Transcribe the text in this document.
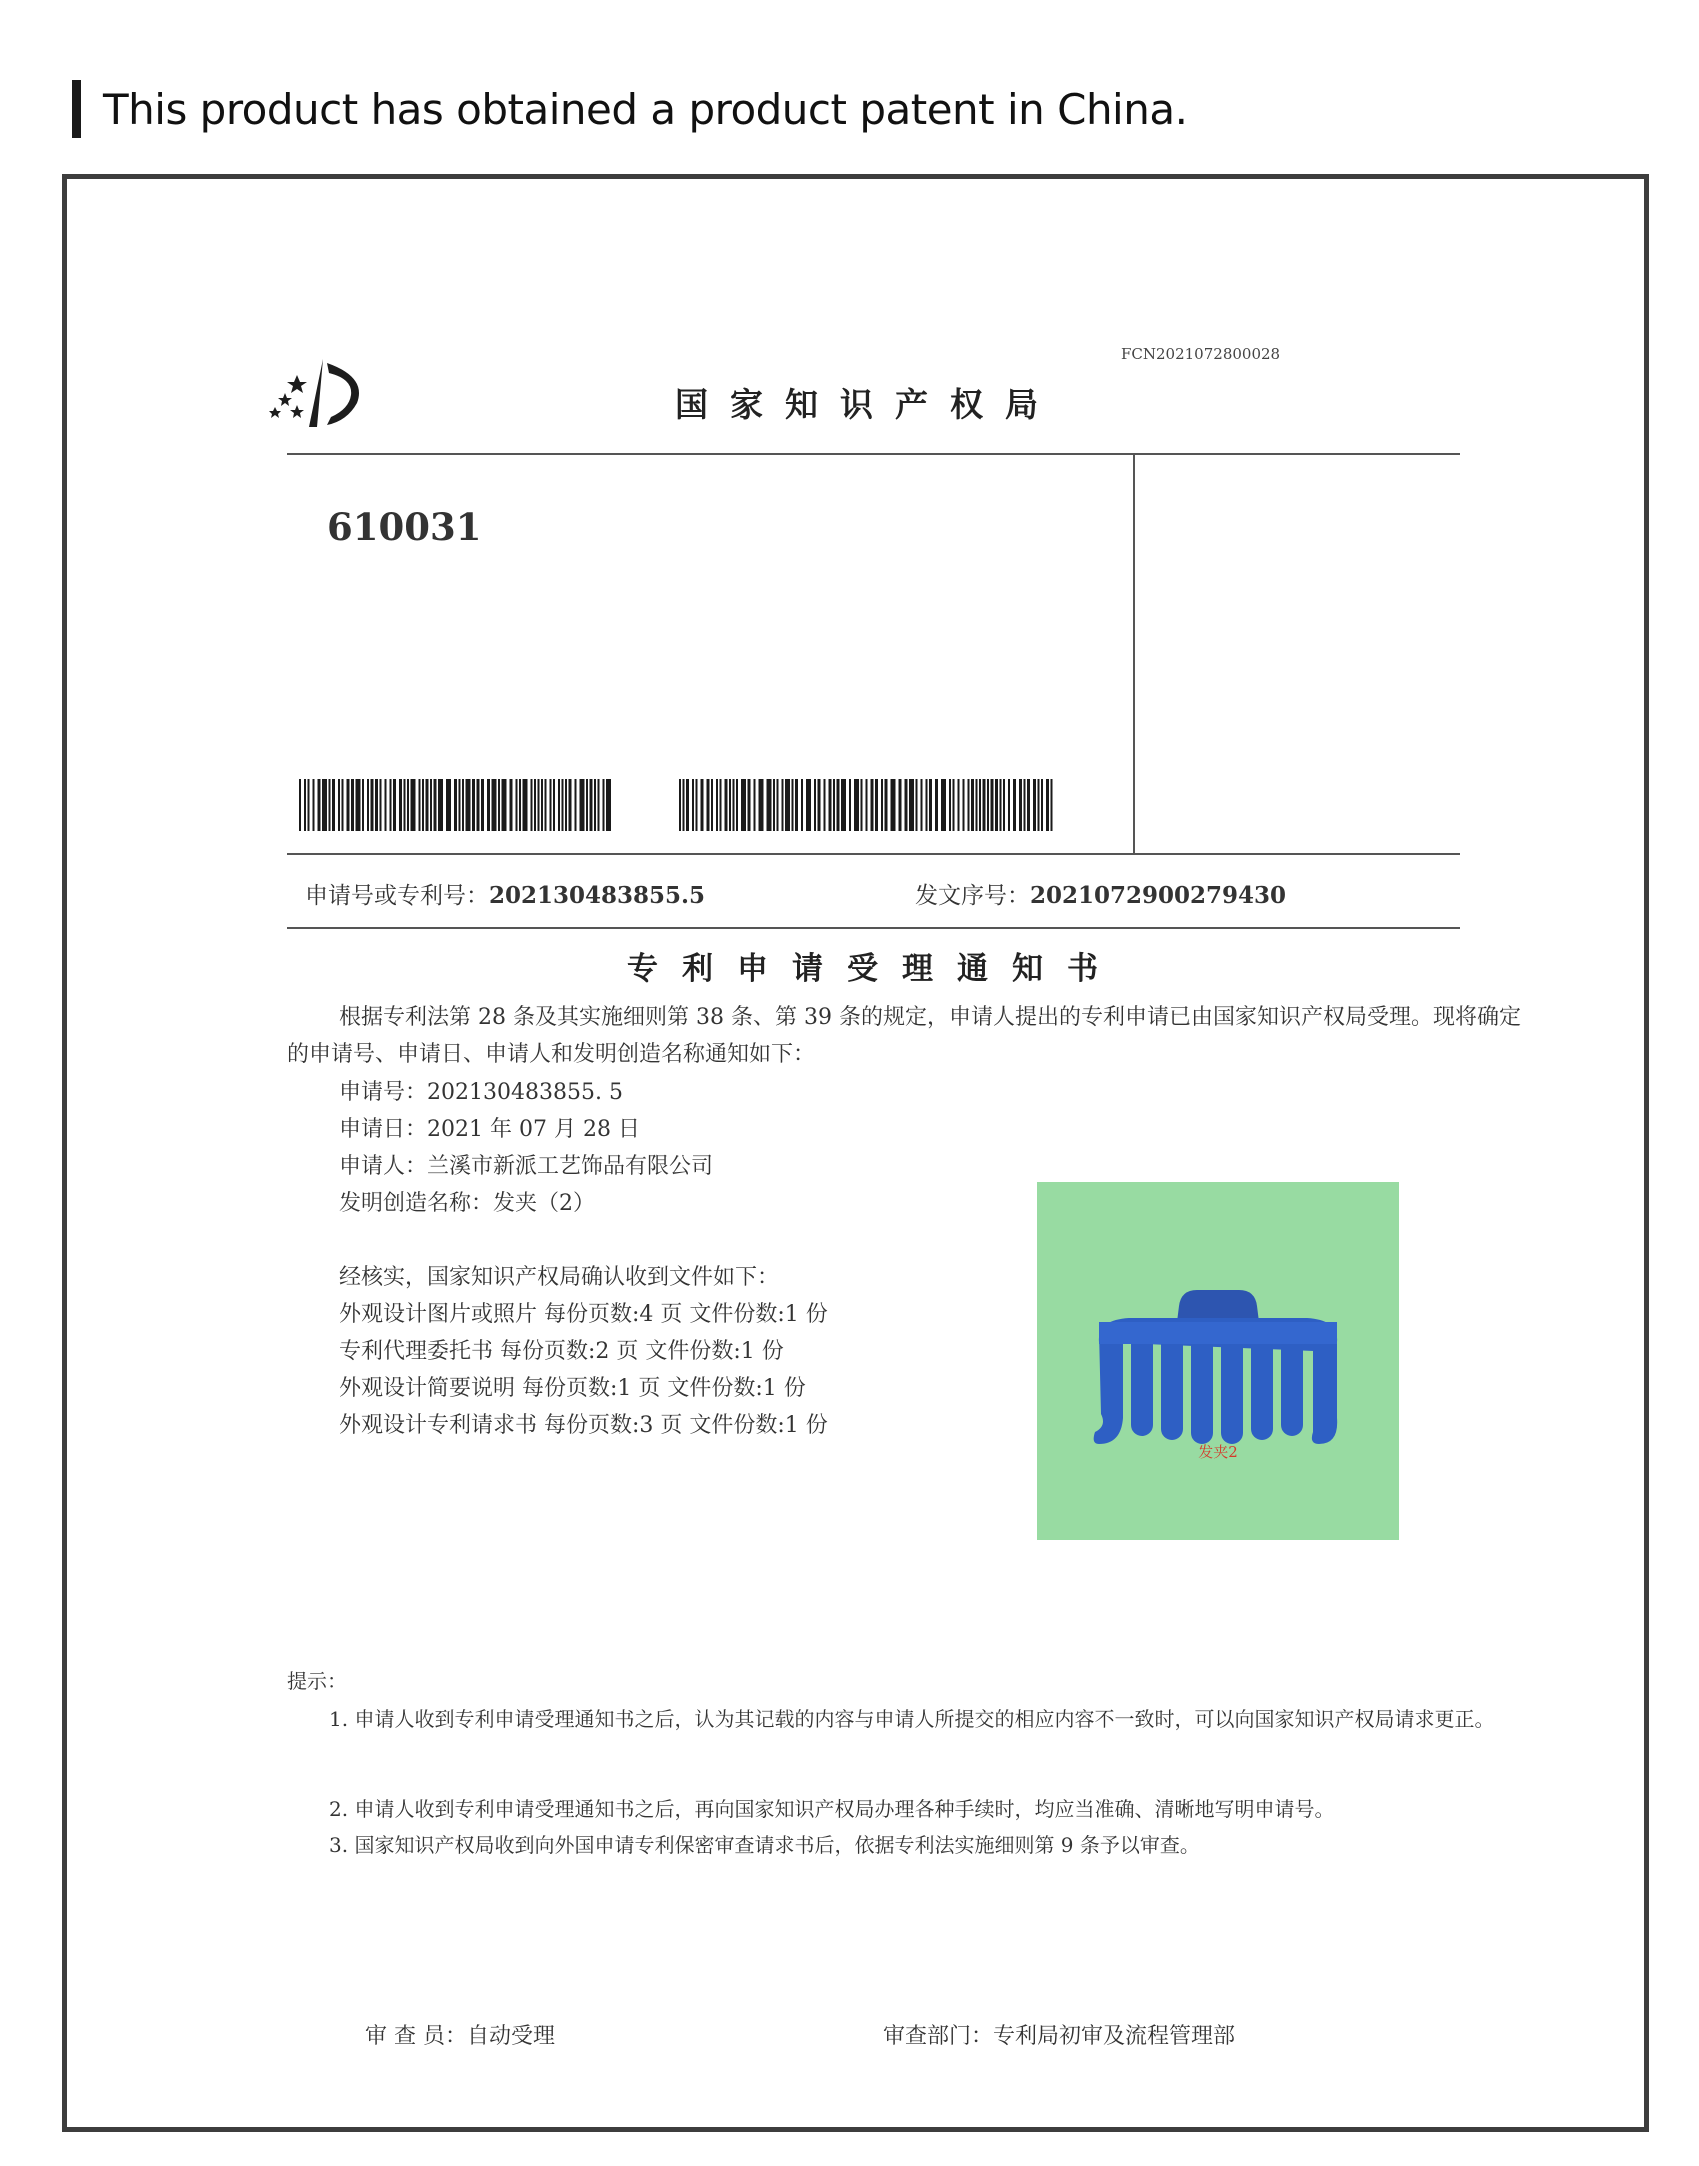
This product has obtained a product patent in China.
FCN2021072800028
国家知识产权局
610031
申请号或专利号：202130483855.5	发文序号：2021072900279430
专利申请受理通知书
根据专利法第 28 条及其实施细则第 38 条、第 39 条的规定，申请人提出的专利申请已由国家知识产权局受理。现将确定的申请号、申请日、申请人和发明创造名称通知如下：
申请号：202130483855. 5
申请日：2021 年 07 月 28 日
申请人：兰溪市新派工艺饰品有限公司
发明创造名称：发夹（2）
经核实，国家知识产权局确认收到文件如下：
外观设计图片或照片 每份页数:4 页 文件份数:1 份
专利代理委托书 每份页数:2 页 文件份数:1 份
外观设计简要说明 每份页数:1 页 文件份数:1 份
外观设计专利请求书 每份页数:3 页 文件份数:1 份
发夹2
提示：
1. 申请人收到专利申请受理通知书之后，认为其记载的内容与申请人所提交的相应内容不一致时，可以向国家知识产权局请求更正。
2. 申请人收到专利申请受理通知书之后，再向国家知识产权局办理各种手续时，均应当准确、清晰地写明申请号。
3. 国家知识产权局收到向外国申请专利保密审查请求书后，依据专利法实施细则第 9 条予以审查。
审 查 员：自动受理	审查部门：专利局初审及流程管理部
